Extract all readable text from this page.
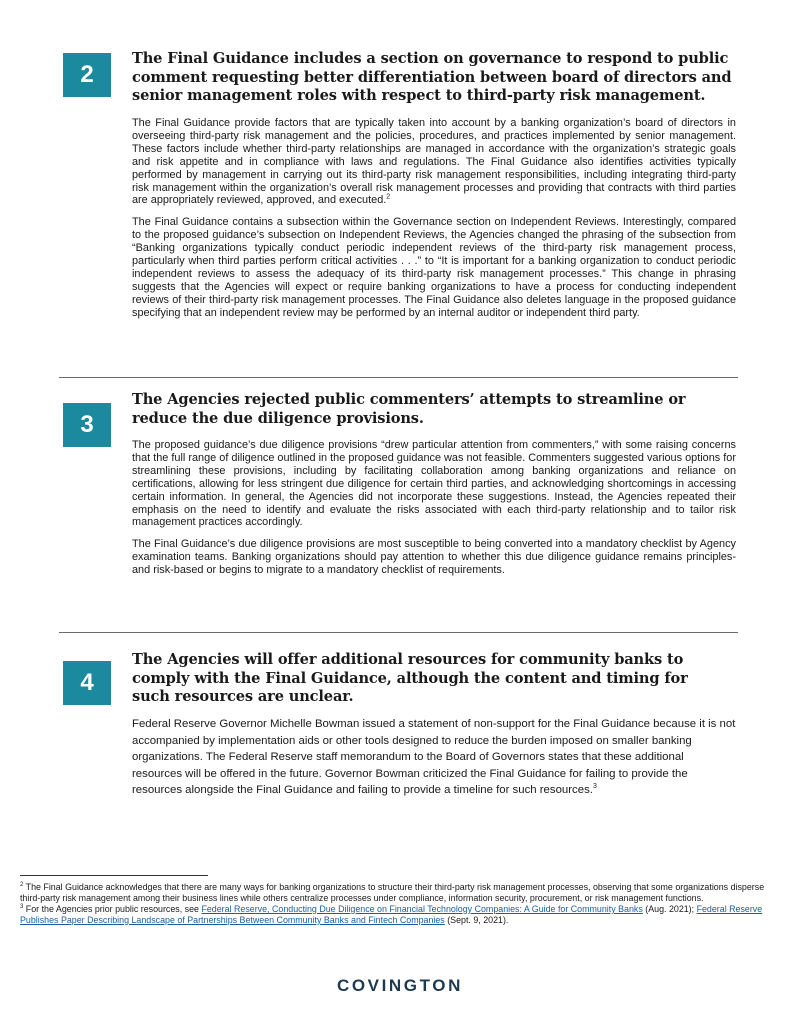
2
The Final Guidance includes a section on governance to respond to public comment requesting better differentiation between board of directors and senior management roles with respect to third-party risk management.

The Final Guidance provide factors that are typically taken into account by a banking organization’s board of directors in overseeing third-party risk management and the policies, procedures, and practices implemented by senior management. These factors include whether third-party relationships are managed in accordance with the organization’s strategic goals and risk appetite and in compliance with laws and regulations. The Final Guidance also identifies activities typically performed by management in carrying out its third-party risk management responsibilities, including integrating third-party risk management within the organization’s overall risk management processes and providing that contracts with third parties are appropriately reviewed, approved, and executed.$^2$

The Final Guidance contains a subsection within the Governance section on Independent Reviews. Interestingly, compared to the proposed guidance’s subsection on Independent Reviews, the Agencies changed the phrasing of the subsection from “Banking organizations typically conduct periodic independent reviews of the third-party risk management process, particularly when third parties perform critical activities . . .” to “It is important for a banking organization to conduct periodic independent reviews to assess the adequacy of its third-party risk management processes.” This change in phrasing suggests that the Agencies will expect or require banking organizations to have a process for conducting independent reviews of their third-party risk management processes. The Final Guidance also deletes language in the proposed guidance specifying that an independent review may be performed by an internal auditor or independent third party.

3
The Agencies rejected public commenters’ attempts to streamline or reduce the due diligence provisions.

The proposed guidance’s due diligence provisions “drew particular attention from commenters,” with some raising concerns that the full range of diligence outlined in the proposed guidance was not feasible. Commenters suggested various options for streamlining these provisions, including by facilitating collaboration among banking organizations and reliance on certifications, allowing for less stringent due diligence for certain third parties, and acknowledging shortcomings in accessing certain information. In general, the Agencies did not incorporate these suggestions. Instead, the Agencies repeated their emphasis on the need to identify and evaluate the risks associated with each third-party relationship and to tailor risk management practices accordingly.

The Final Guidance’s due diligence provisions are most susceptible to being converted into a mandatory checklist by Agency examination teams. Banking organizations should pay attention to whether this due diligence guidance remains principles- and risk-based or begins to migrate to a mandatory checklist of requirements.

4
The Agencies will offer additional resources for community banks to comply with the Final Guidance, although the content and timing for such resources are unclear.

Federal Reserve Governor Michelle Bowman issued a statement of non-support for the Final Guidance because it is not accompanied by implementation aids or other tools designed to reduce the burden imposed on smaller banking organizations. The Federal Reserve staff memorandum to the Board of Governors states that these additional resources will be offered in the future. Governor Bowman criticized the Final Guidance for failing to provide the resources alongside the Final Guidance and failing to provide a timeline for such resources.$^3$

$^2$ The Final Guidance acknowledges that there are many ways for banking organizations to structure their third-party risk management processes, observing that some organizations disperse third-party risk management among their business lines while others centralize processes under compliance, information security, procurement, or risk management functions.

$^3$ For the Agencies prior public resources, see Federal Reserve, Conducting Due Diligence on Financial Technology Companies: A Guide for Community Banks (Aug. 2021); Federal Reserve Publishes Paper Describing Landscape of Partnerships Between Community Banks and Fintech Companies (Sept. 9, 2021).

COVINGTON
